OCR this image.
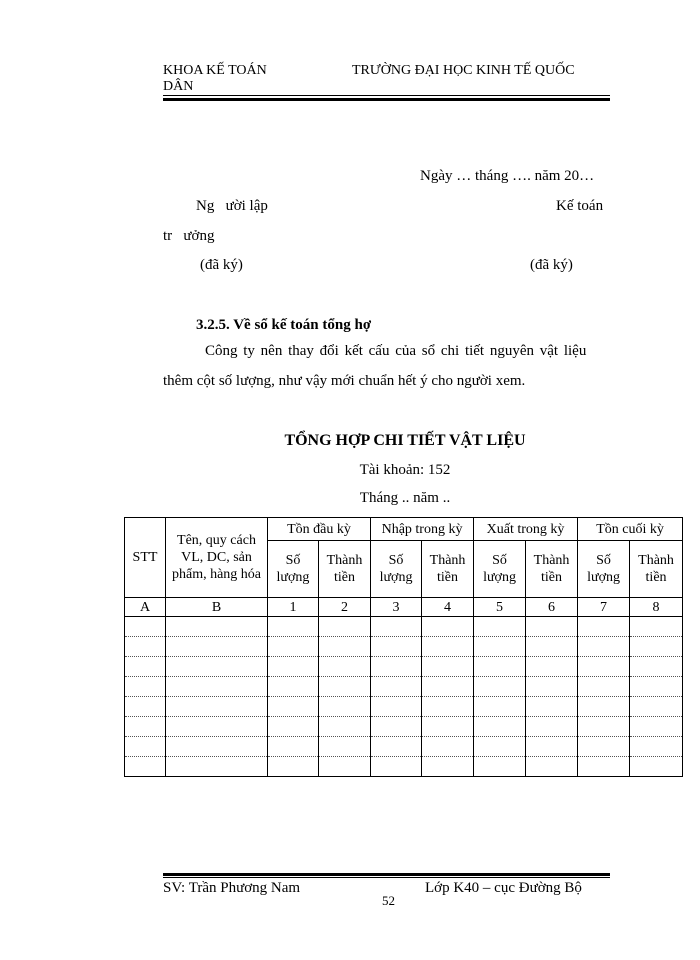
KHOA KẾ TOÁN
DÂN
TRƯỜNG ĐẠI HỌC KINH TẾ QUỐC
Ngày … tháng …. năm 20…
Ng   ười lập	Kế toán
tr   ưởng
(đã ký)	(đã ký)
3.2.5. Về sổ kế toán tổng hợ
Công ty nên thay đổi kết cấu của sổ chi tiết nguyên vật liệu
thêm cột số lượng, như vậy mới chuẩn hết ý cho người xem.
TỔNG HỢP CHI TIẾT VẬT LIỆU
Tài khoản: 152
Tháng .. năm ..
STT	Tên, quy cách VL, DC, sản phẩm, hàng hóa	Tồn đầu kỳ		Nhập trong kỳ		Xuất trong kỳ		Tồn cuối kỳ	
		Số lượng	Thành tiền	Số lượng	Thành tiền	Số lượng	Thành tiền	Số lượng	Thành tiền
A	B	1	2	3	4	5	6	7	8

SV: Trần Phương Nam
52
Lớp K40 – cục Đường Bộ
